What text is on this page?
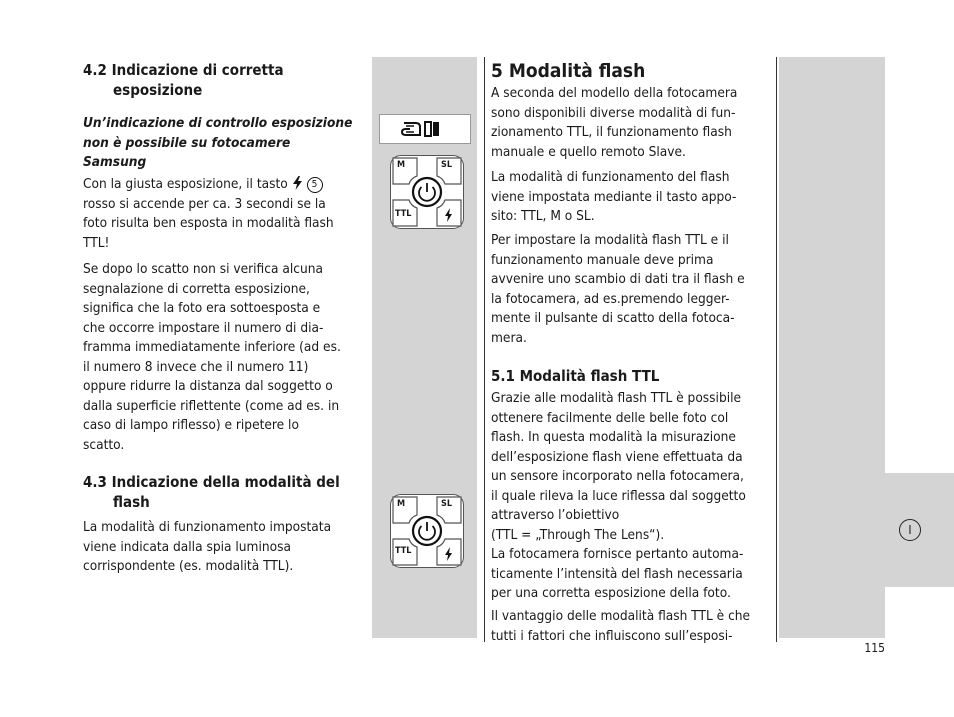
I
4.2 Indicazione di corretta
esposizione
Un’indicazione di controllo esposizione
non è possibile su fotocamere
Samsung
Con la giusta esposizione, il tasto 5
rosso si accende per ca. 3 secondi se la
foto risulta ben esposta in modalità flash
TTL!
Se dopo lo scatto non si verifica alcuna
segnalazione di corretta esposizione,
significa che la foto era sottoesposta e
che occorre impostare il numero di dia-
framma immediatamente inferiore (ad es.
il numero 8 invece che il numero 11)
oppure ridurre la distanza dal soggetto o
dalla superficie riflettente (come ad es. in
caso di lampo riflesso) e ripetere lo
scatto.
4.3 Indicazione della modalità del
flash
La modalità di funzionamento impostata
viene indicata dalla spia luminosa
corrispondente (es. modalità TTL).
M	SL
TTL
M	SL
TTL
5 Modalità flash
A seconda del modello della fotocamera
sono disponibili diverse modalità di fun-
zionamento TTL, il funzionamento flash
manuale e quello remoto Slave.
La modalità di funzionamento del flash
viene impostata mediante il tasto appo-
sito: TTL, M o SL.
Per impostare la modalità flash TTL e il
funzionamento manuale deve prima
avvenire uno scambio di dati tra il flash e
la fotocamera, ad es.premendo legger-
mente il pulsante di scatto della fotoca-
mera.
5.1 Modalità flash TTL
Grazie alle modalità flash TTL è possibile
ottenere facilmente delle belle foto col
flash. In questa modalità la misurazione
dell’esposizione flash viene effettuata da
un sensore incorporato nella fotocamera,
il quale rileva la luce riflessa dal soggetto
attraverso l’obiettivo
(TTL = „Through The Lens“).
La fotocamera fornisce pertanto automa-
ticamente l’intensità del flash necessaria
per una corretta esposizione della foto.
Il vantaggio delle modalità flash TTL è che
tutti i fattori che influiscono sull’esposi-
115
